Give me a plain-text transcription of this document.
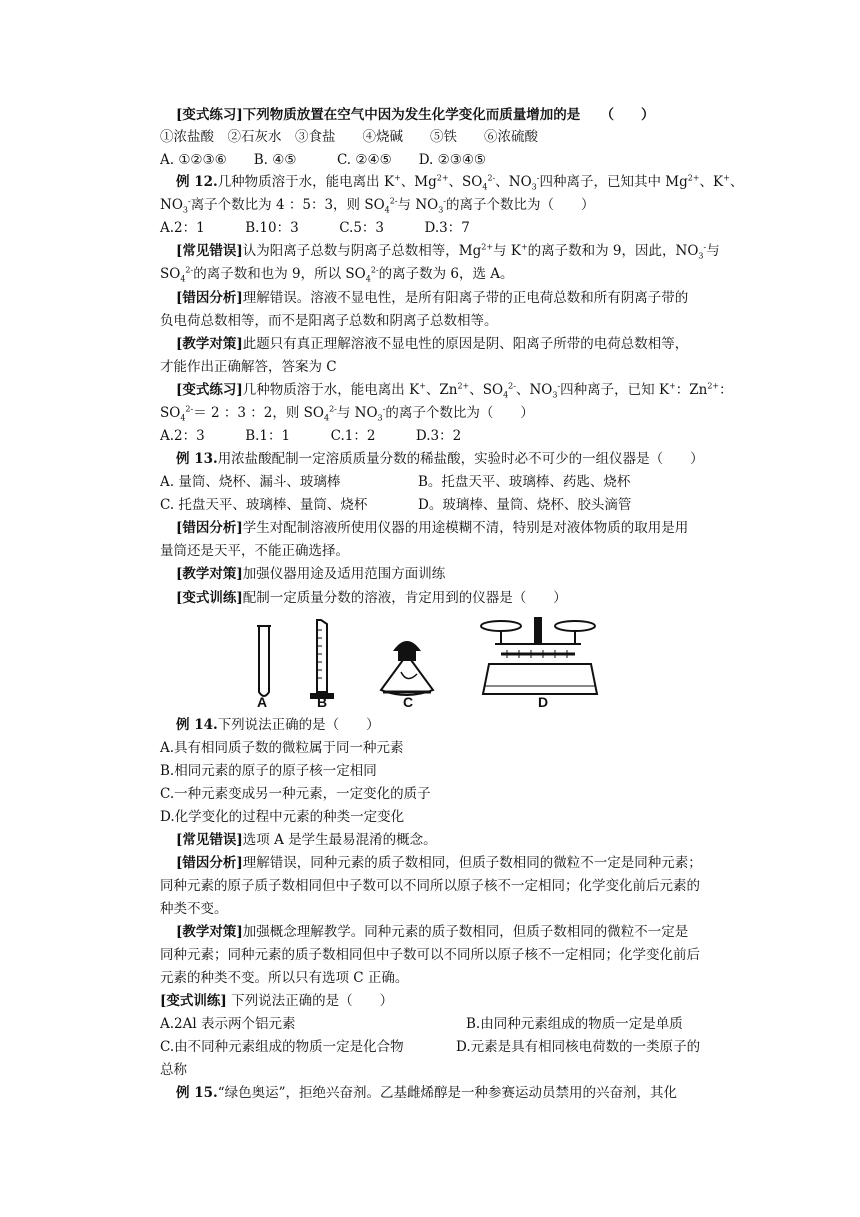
[变式练习]下列物质放置在空气中因为发生化学变化而质量增加的是　　（　　）
①浓盐酸　②石灰水　③食盐　　④烧碱　　⑤铁　　⑥浓硫酸
A. ①②③⑥　　B. ④⑤　　　C. ②④⑤　　D. ②③④⑤
例 12.几种物质溶于水，能电离出 K+、$Mg^{2+}$、$SO_4^{2-}$、$NO_3^-$四种离子，已知其中 $Mg^{2+}$、K+、
$NO_3^-$离子个数比为 4 ：5：3，则 $SO_4^{2-}$与 $NO_3^-$的离子个数比为（　　）
A.2：1　　　B.10：3　　　C.5：3　　　D.3：7
[常见错误]认为阳离子总数与阴离子总数相等，$Mg^{2+}$与 K+的离子数和为 9，因此，$NO_3^-$与
$SO_4^{2-}$的离子数和也为 9，所以 $SO_4^{2-}$的离子数为 6，选 A。
[错因分析]理解错误。溶液不显电性，是所有阳离子带的正电荷总数和所有阴离子带的
负电荷总数相等，而不是阳离子总数和阴离子总数相等。
[教学对策]此题只有真正理解溶液不显电性的原因是阴、阳离子所带的电荷总数相等，
才能作出正确解答，答案为 C
[变式练习]几种物质溶于水，能电离出 K+、$Zn^{2+}$、$SO_4^{2-}$、$NO_3^-$四种离子，已知 K+：$Zn^{2+}$：
$SO_4^{2-}= 2$ ：3 ：2，则 $SO_4^{2-}$与 $NO_3^-$的离子个数比为（　　）
A.2：3　　　B.1：1　　　C.1：2　　　D.3：2
例 13.用浓盐酸配制一定溶质质量分数的稀盐酸，实验时必不可少的一组仪器是（　　）
A. 量筒、烧杯、漏斗、玻璃棒	B。托盘天平、玻璃棒、药匙、烧杯
C. 托盘天平、玻璃棒、量筒、烧杯	D。玻璃棒、量筒、烧杯、胶头滴管
[错因分析]学生对配制溶液所使用仪器的用途模糊不清，特别是对液体物质的取用是用
量筒还是天平，不能正确选择。
[教学对策]加强仪器用途及适用范围方面训练
[变式训练]配制一定质量分数的溶液，肯定用到的仪器是（　　）
A	B	C	D
例 14.下列说法正确的是（　　）
A.具有相同质子数的微粒属于同一种元素
B.相同元素的原子的原子核一定相同
C.一种元素变成另一种元素，一定变化的质子
D.化学变化的过程中元素的种类一定变化
[常见错误]选项 A 是学生最易混淆的概念。
[错因分析]理解错误，同种元素的质子数相同，但质子数相同的微粒不一定是同种元素；
同种元素的原子质子数相同但中子数可以不同所以原子核不一定相同；化学变化前后元素的
种类不变。
[教学对策]加强概念理解教学。同种元素的质子数相同，但质子数相同的微粒不一定是
同种元素；同种元素的质子数相同但中子数可以不同所以原子核不一定相同；化学变化前后
元素的种类不变。所以只有选项 C 正确。
[变式训练] 下列说法正确的是（　　）
A.2Al 表示两个铝元素	B.由同种元素组成的物质一定是单质
C.由不同种元素组成的物质一定是化合物	D.元素是具有相同核电荷数的一类原子的
总称
例 15.“绿色奥运”，拒绝兴奋剂。乙基雌烯醇是一种参赛运动员禁用的兴奋剂，其化
